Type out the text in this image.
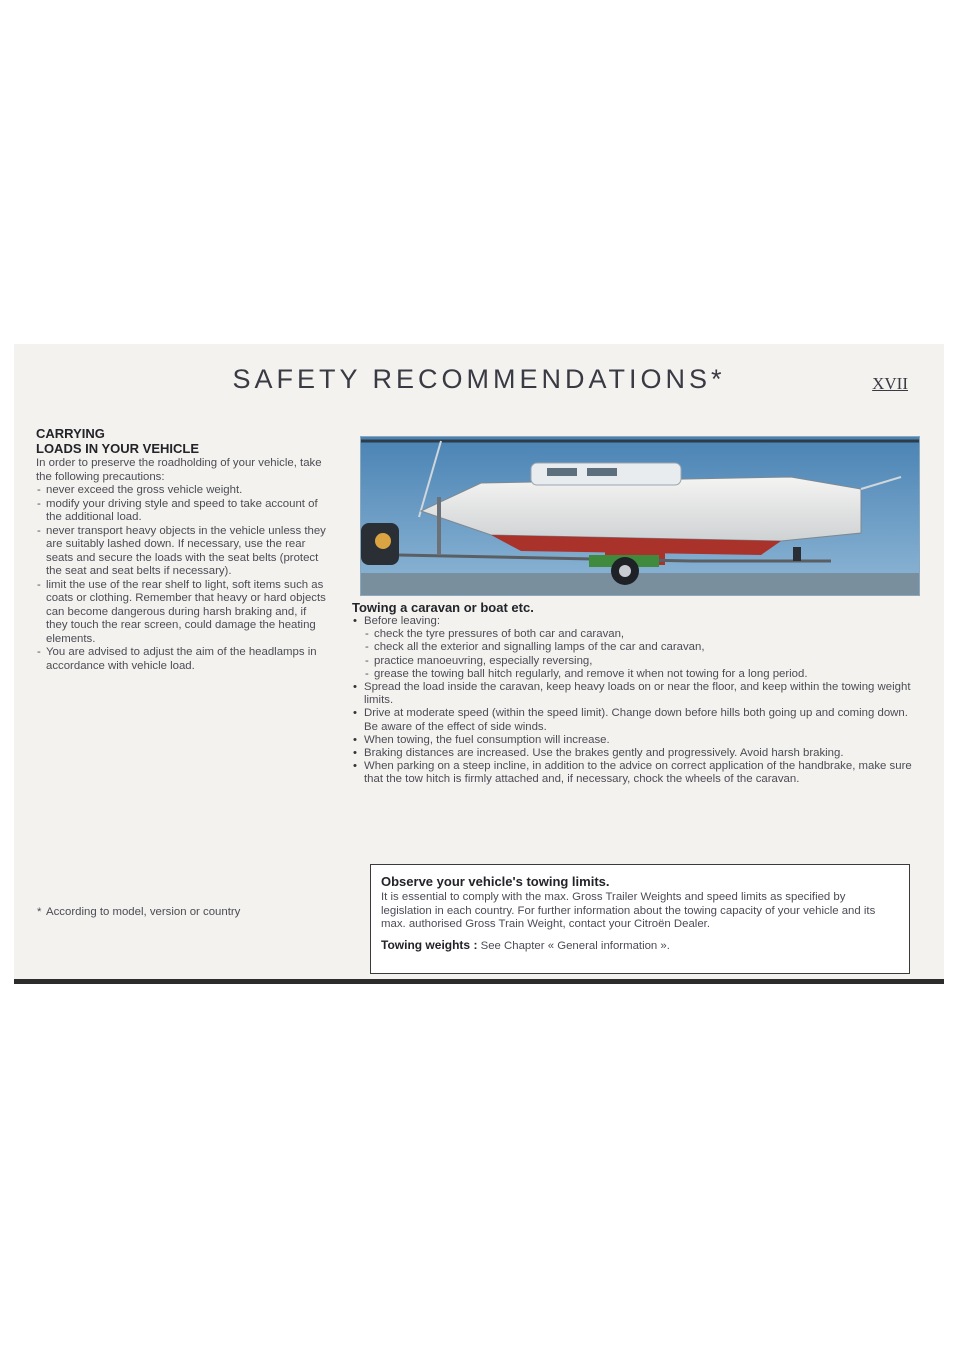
SAFETY RECOMMENDATIONS*	XVII
CARRYING
LOADS IN YOUR VEHICLE
In order to preserve the roadholding of your vehicle, take the following precautions:
- never exceed the gross vehicle weight.
- modify your driving style and speed to take account of the additional load.
- never transport heavy objects in the vehicle unless they are suitably lashed down. If necessary, use the rear seats and secure the loads with the seat belts (protect the seat and seat belts if necessary).
- limit the use of the rear shelf to light, soft items such as coats or clothing. Remember that heavy or hard objects can become dangerous during harsh braking and, if they touch the rear screen, could damage the heating elements.
- You are advised to adjust the aim of the headlamps in accordance with vehicle load.
* According to model, version or country
Towing a caravan or boat etc.
• Before leaving:
- check the tyre pressures of both car and caravan,
- check all the exterior and signalling lamps of the car and caravan,
- practice manoeuvring, especially reversing,
- grease the towing ball hitch regularly, and remove it when not towing for a long period.
• Spread the load inside the caravan, keep heavy loads on or near the floor, and keep within the towing weight limits.
• Drive at moderate speed (within the speed limit). Change down before hills both going up and coming down. Be aware of the effect of side winds.
• When towing, the fuel consumption will increase.
• Braking distances are increased. Use the brakes gently and progressively. Avoid harsh braking.
• When parking on a steep incline, in addition to the advice on correct application of the handbrake, make sure that the tow hitch is firmly attached and, if necessary, chock the wheels of the caravan.
Observe your vehicle's towing limits.
It is essential to comply with the max. Gross Trailer Weights and speed limits as specified by legislation in each country. For further information about the towing capacity of your vehicle and its max. authorised Gross Train Weight, contact your Citroën Dealer.
Towing weights : See Chapter « General information ».
